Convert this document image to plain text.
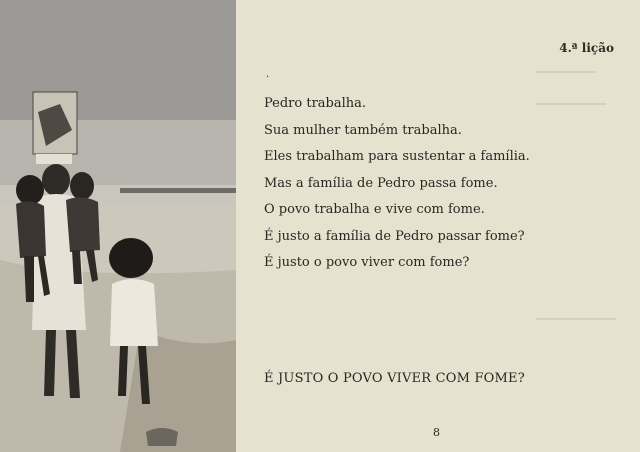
4.ª lição
·
Pedro trabalha.
Sua mulher também trabalha.
Eles trabalham para sustentar a família.
Mas a família de Pedro passa fome.
O povo trabalha e vive com fome.
É justo a família de Pedro passar fome?
É justo o povo viver com fome?
É JUSTO O POVO VIVER COM FOME?
8
